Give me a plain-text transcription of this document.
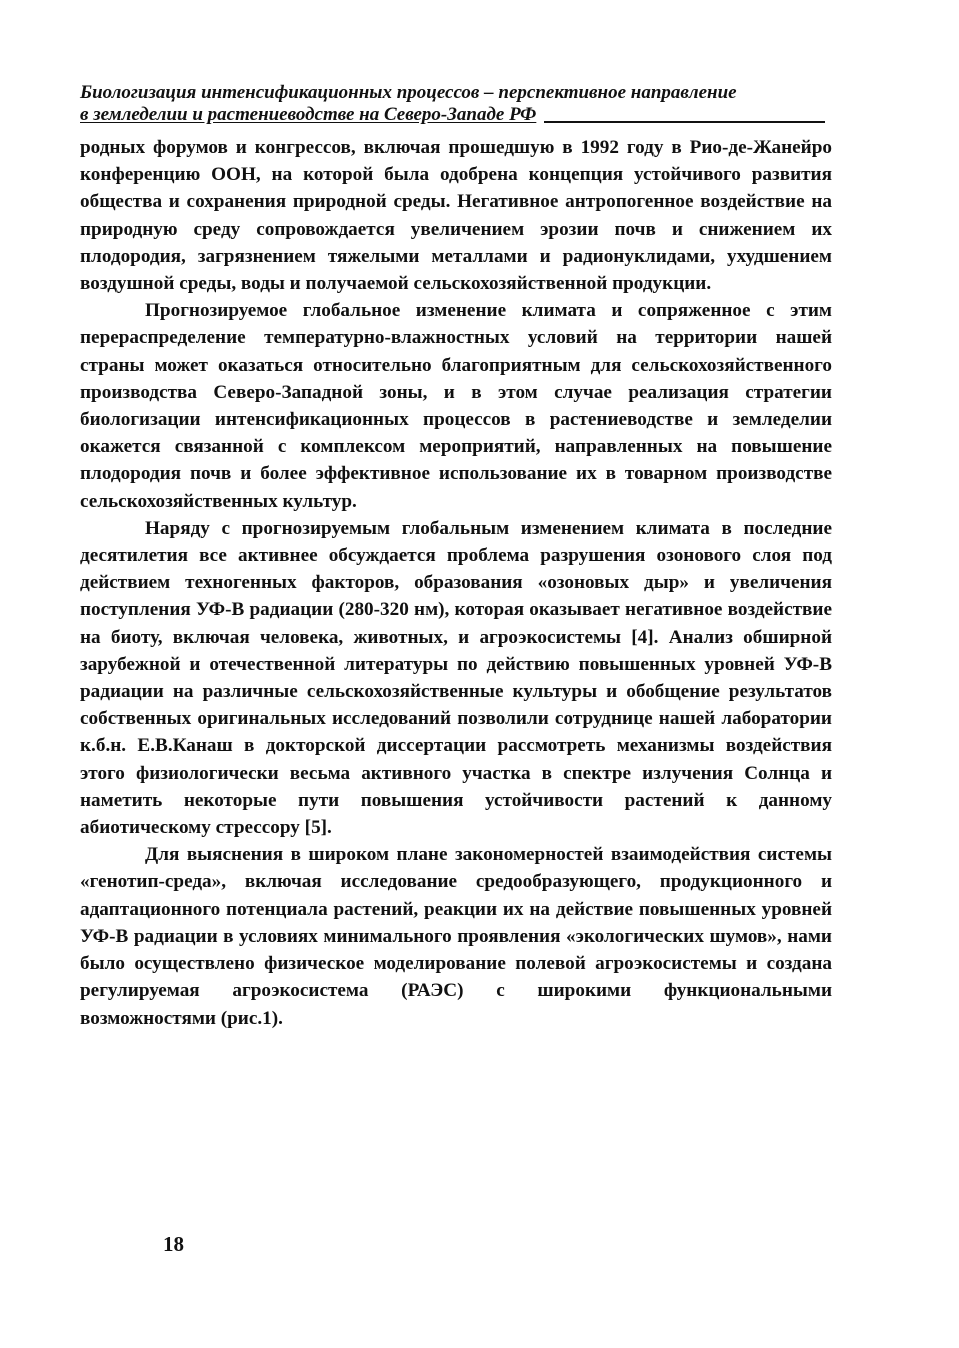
Биологизация интенсификационных процессов – перспективное направление
в земледелии и растениеводстве на Северо-Западе РФ

родных форумов и конгрессов, включая прошедшую в 1992 году в Рио-де-Жанейро конференцию ООН, на которой была одобрена концепция устойчивого развития общества и сохранения природной среды. Негативное антропогенное воздействие на природную среду сопровождается увеличением эрозии почв и снижением их плодородия, загрязнением тяжелыми металлами и радионуклидами, ухудшением воздушной среды, воды и получаемой сельскохозяйственной продукции.

Прогнозируемое глобальное изменение климата и сопряженное с этим перераспределение температурно-влажностных условий на территории нашей страны может оказаться относительно благоприятным для сельскохозяйственного производства Северо-Западной зоны, и в этом случае реализация стратегии биологизации интенсификационных процессов в растениеводстве и земледелии окажется связанной с комплексом мероприятий, направленных на повышение плодородия почв и более эффективное использование их в товарном производстве сельскохозяйственных культур.

Наряду с прогнозируемым глобальным изменением климата в последние десятилетия все активнее обсуждается проблема разрушения озонового слоя под действием техногенных факторов, образования «озоновых дыр» и увеличения поступления УФ-В радиации (280-320 нм), которая оказывает негативное воздействие на биоту, включая человека, животных, и агроэкосистемы [4]. Анализ обширной зарубежной и отечественной литературы по действию повышенных уровней УФ-В радиации на различные сельскохозяйственные культуры и обобщение результатов собственных оригинальных исследований позволили сотруднице нашей лаборатории к.б.н. Е.В.Канаш в докторской диссертации рассмотреть механизмы воздействия этого физиологически весьма активного участка в спектре излучения Солнца и наметить некоторые пути повышения устойчивости растений к данному абиотическому стрессору [5].

Для выяснения в широком плане закономерностей взаимодействия системы «генотип-среда», включая исследование средообразующего, продукционного и адаптационного потенциала растений, реакции их на действие повышенных уровней УФ-В радиации в условиях минимального проявления «экологических шумов», нами было осуществлено физическое моделирование полевой агроэкосистемы и создана регулируемая агроэкосистема (РАЭС) с широкими функциональными возможностями (рис.1).

18
